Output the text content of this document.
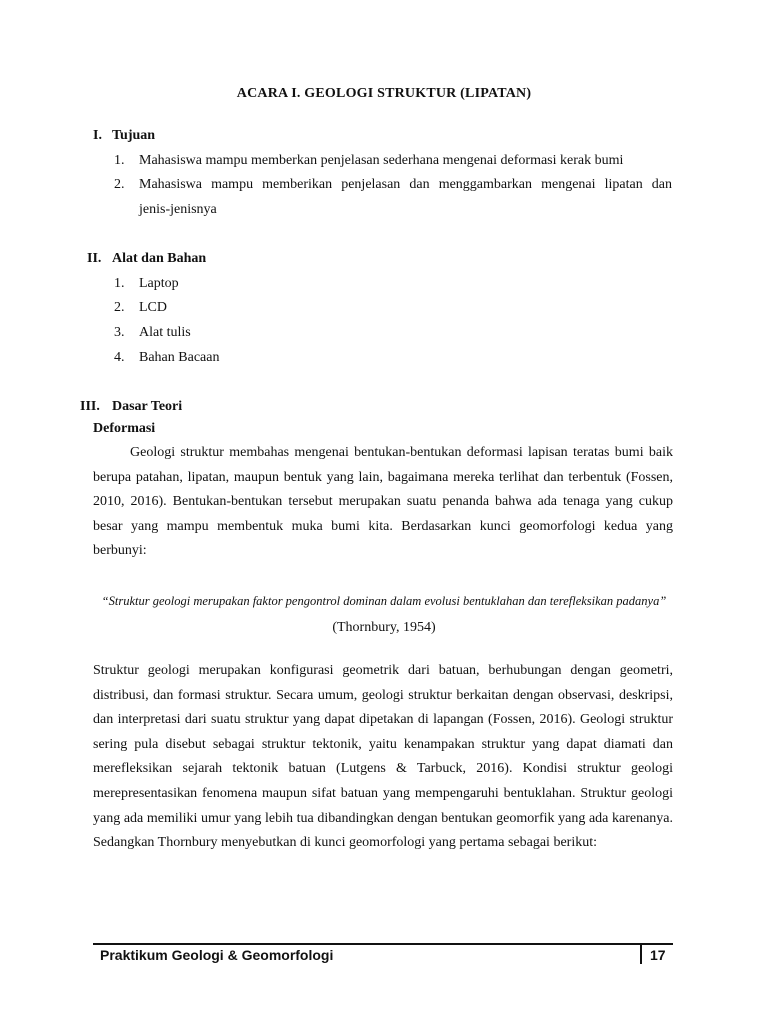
ACARA I. GEOLOGI STRUKTUR (LIPATAN)
I. Tujuan
1. Mahasiswa mampu memberkan penjelasan sederhana mengenai deformasi kerak bumi
2. Mahasiswa mampu memberikan penjelasan dan menggambarkan mengenai lipatan dan
jenis-jenisnya
II. Alat dan Bahan
1. Laptop
2. LCD
3. Alat tulis
4. Bahan Bacaan
III. Dasar Teori
Deformasi
Geologi struktur membahas mengenai bentukan-bentukan deformasi lapisan teratas bumi baik berupa patahan, lipatan, maupun bentuk yang lain, bagaimana mereka terlihat dan terbentuk (Fossen, 2010, 2016). Bentukan-bentukan tersebut merupakan suatu penanda bahwa ada tenaga yang cukup besar yang mampu membentuk muka bumi kita. Berdasarkan kunci geomorfologi kedua yang berbunyi:
“Struktur geologi merupakan faktor pengontrol dominan dalam evolusi bentuklahan dan terefleksikan padanya”
(Thornbury, 1954)
Struktur geologi merupakan konfigurasi geometrik dari batuan, berhubungan dengan geometri, distribusi, dan formasi struktur. Secara umum, geologi struktur berkaitan dengan observasi, deskripsi, dan interpretasi dari suatu struktur yang dapat dipetakan di lapangan (Fossen, 2016). Geologi struktur sering pula disebut sebagai struktur tektonik, yaitu kenampakan struktur yang dapat diamati dan merefleksikan sejarah tektonik batuan (Lutgens & Tarbuck, 2016). Kondisi struktur geologi merepresentasikan fenomena maupun sifat batuan yang mempengaruhi bentuklahan. Struktur geologi yang ada memiliki umur yang lebih tua dibandingkan dengan bentukan geomorfik yang ada karenanya. Sedangkan Thornbury menyebutkan di kunci geomorfologi yang pertama sebagai berikut:
Praktikum Geologi & Geomorfologi	17
